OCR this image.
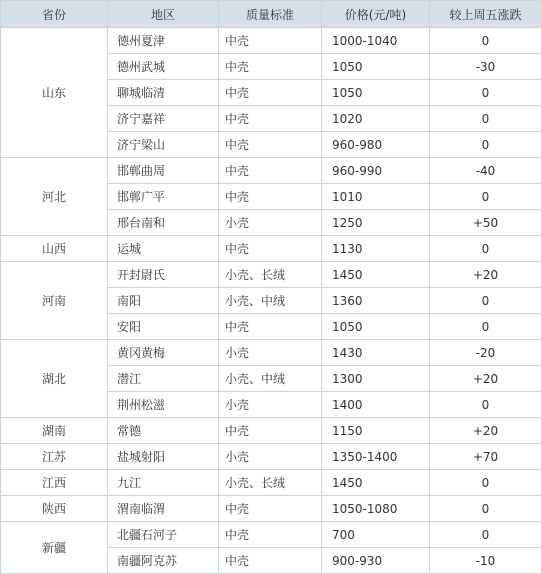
省份	地区	质量标准	价格(元/吨)	较上周五涨跌
山东	德州夏津	中壳	1000-1040	0
	德州武城	中壳	1050	-30
	聊城临清	中壳	1050	0
	济宁嘉祥	中壳	1020	0
	济宁梁山	中壳	960-980	0
河北	邯郸曲周	中壳	960-990	-40
	邯郸广平	中壳	1010	0
	邢台南和	小壳	1250	+50
山西	运城	中壳	1130	0
河南	开封尉氏	小壳、长绒	1450	+20
	南阳	小壳、中绒	1360	0
	安阳	中壳	1050	0
湖北	黄冈黄梅	小壳	1430	-20
	潜江	小壳、中绒	1300	+20
	荆州松滋	小壳	1400	0
湖南	常德	中壳	1150	+20
江苏	盐城射阳	小壳	1350-1400	+70
江西	九江	小壳、长绒	1450	0
陕西	渭南临渭	中壳	1050-1080	0
新疆	北疆石河子	中壳	700	0
	南疆阿克苏	中壳	900-930	-10
